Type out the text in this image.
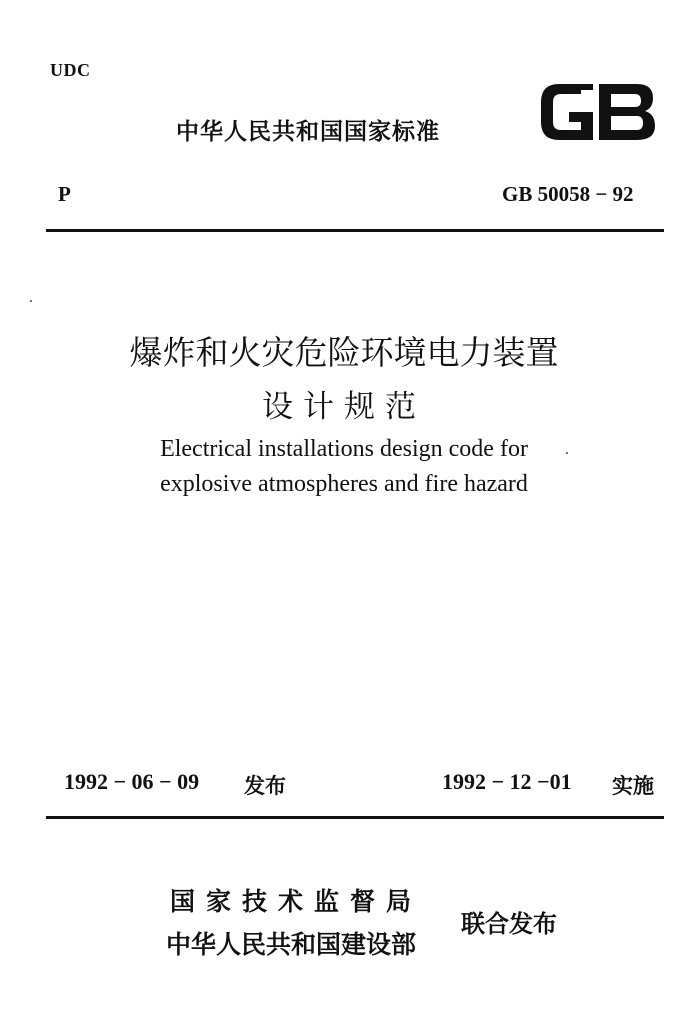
UDC
中华人民共和国国家标准
P	GB 50058 − 92
爆炸和火灾危险环境电力装置
设计规范
Electrical installations design code for
explosive atmospheres and fire hazard
1992 − 06 − 09 发布	1992 − 12 −01 实施
国家技术监督局
中华人民共和国建设部
联合发布
